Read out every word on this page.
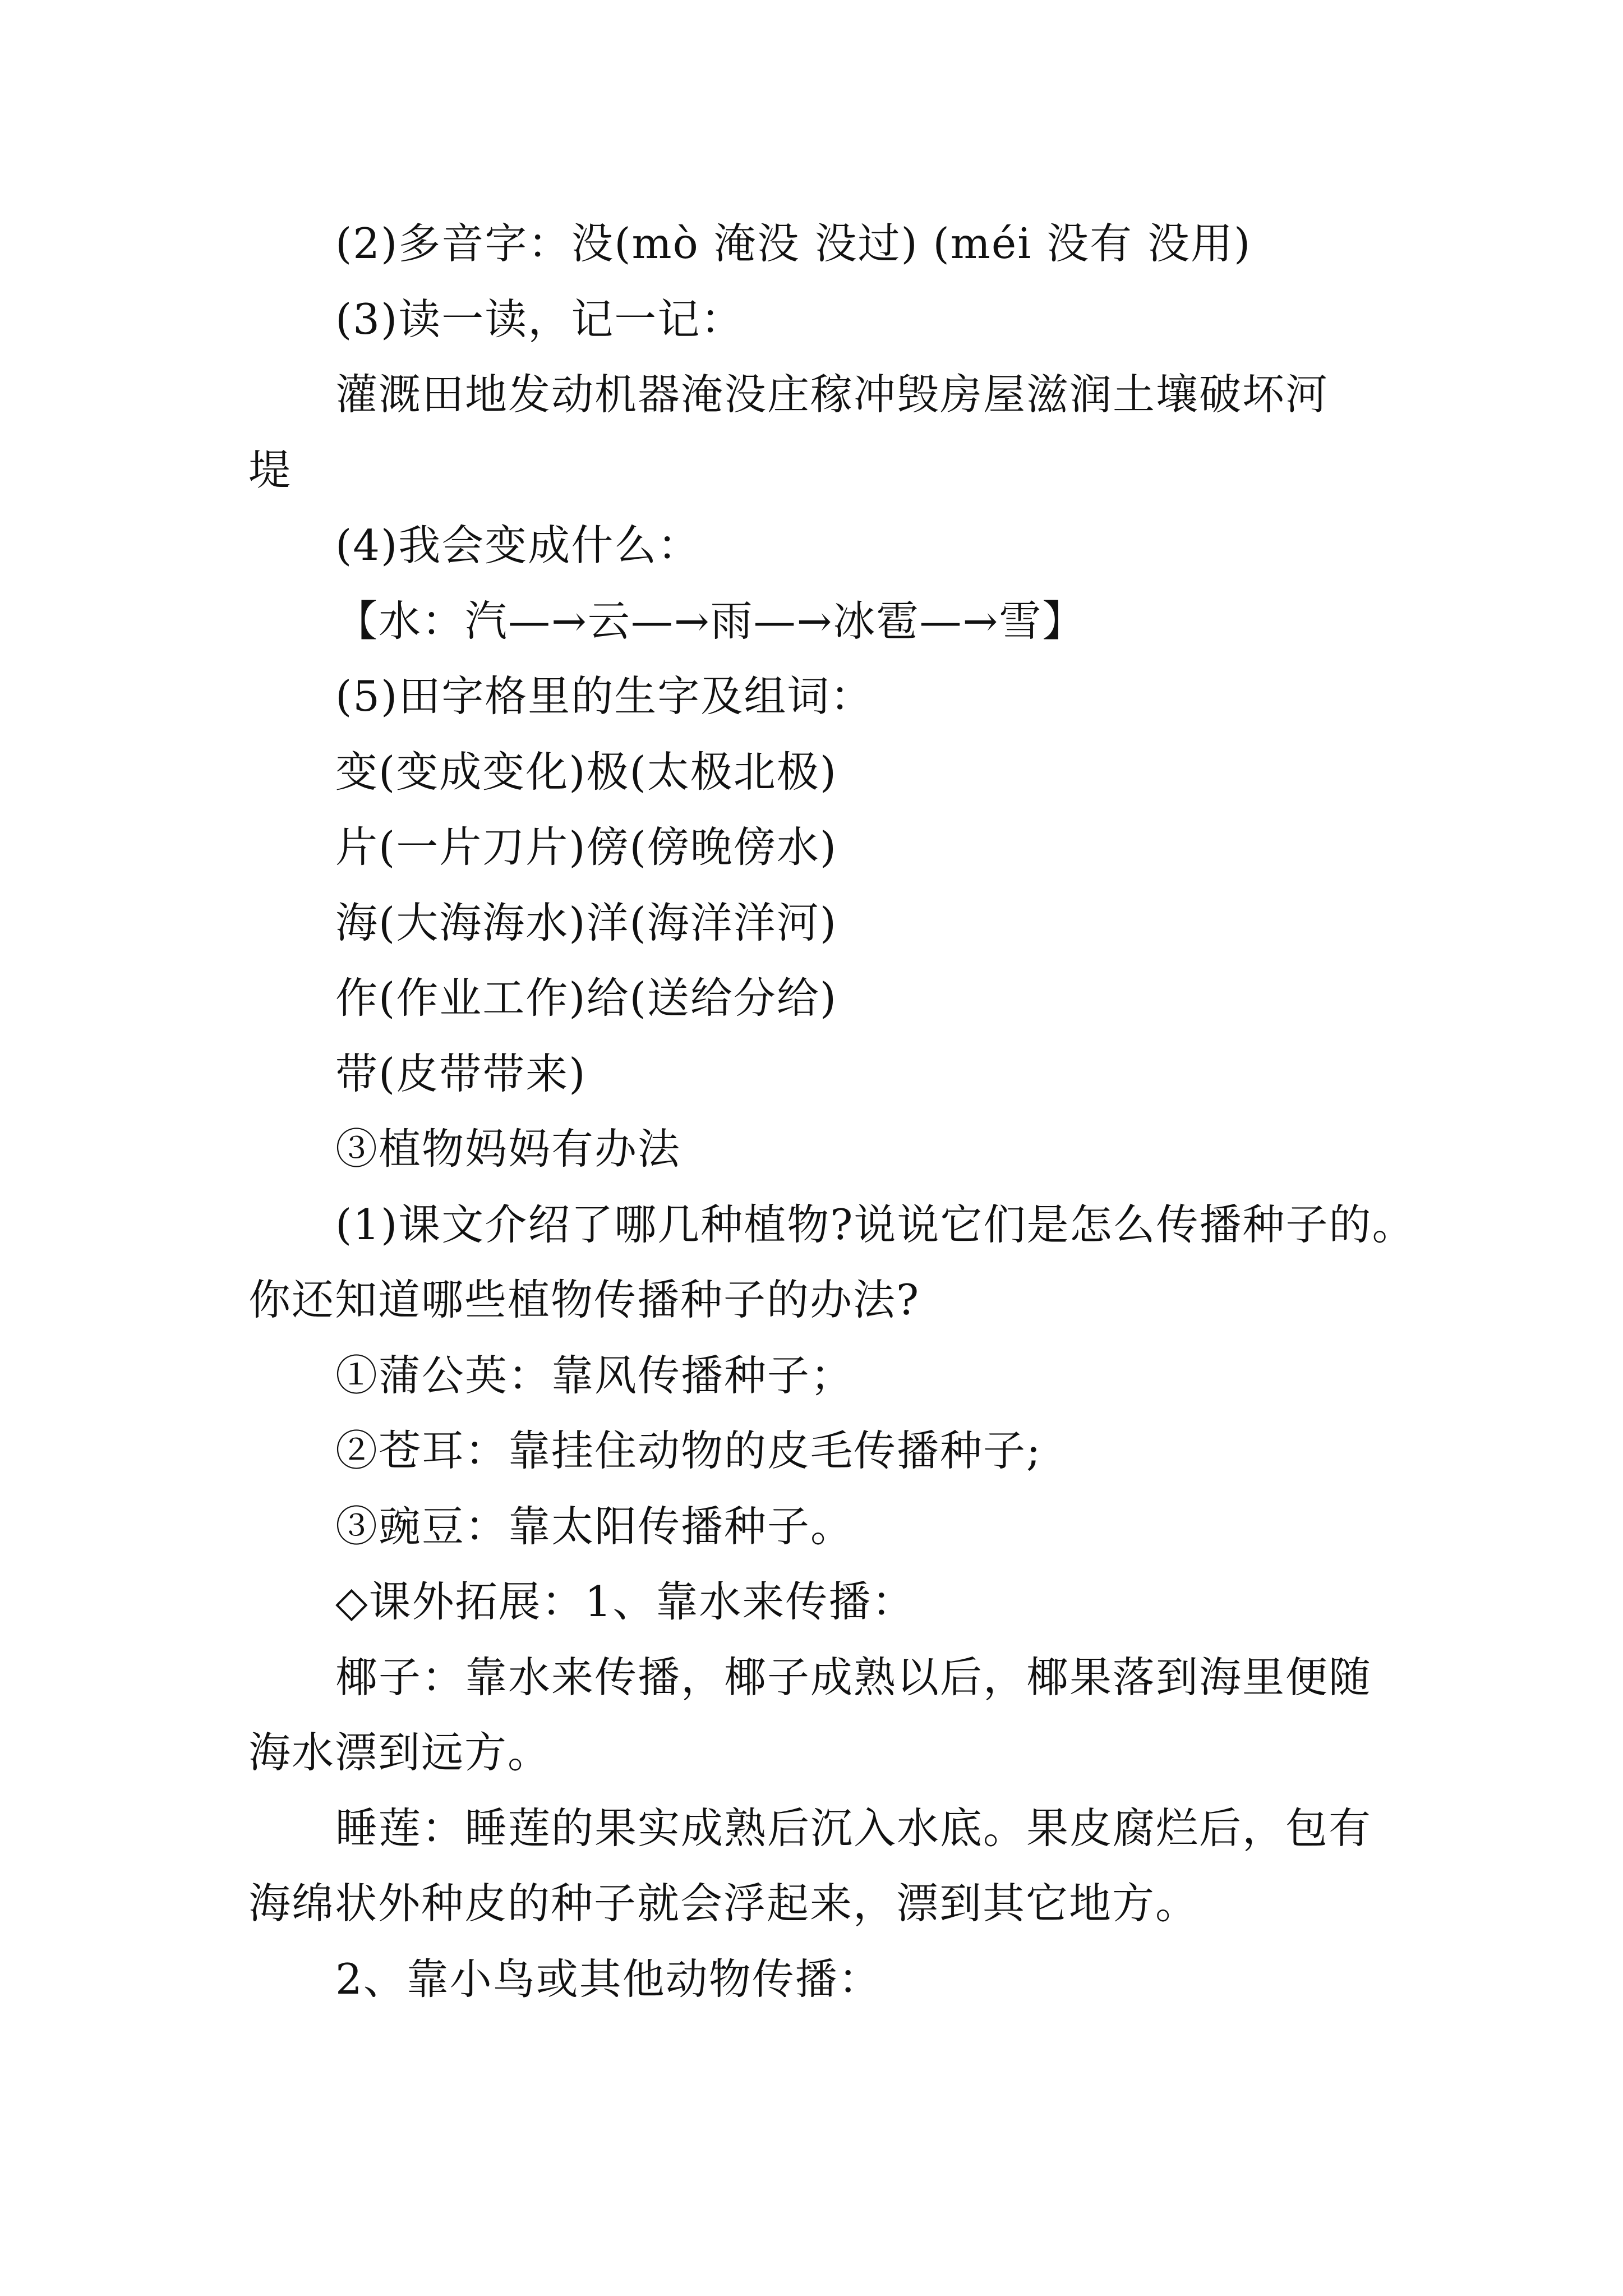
(2)多音字：没(mò 淹没 没过) (méi 没有 没用)
(3)读一读，记一记：
灌溉田地发动机器淹没庄稼冲毁房屋滋润土壤破坏河
堤
(4)我会变成什么：
【水：汽—→云—→雨—→冰雹—→雪】
(5)田字格里的生字及组词：
变(变成变化)极(太极北极)
片(一片刀片)傍(傍晚傍水)
海(大海海水)洋(海洋洋河)
作(作业工作)给(送给分给)
带(皮带带来)
③植物妈妈有办法
(1)课文介绍了哪几种植物?说说它们是怎么传播种子的。
你还知道哪些植物传播种子的办法?
①蒲公英：靠风传播种子；
②苍耳：靠挂住动物的皮毛传播种子;
③豌豆：靠太阳传播种子。
◇课外拓展：1、靠水来传播：
椰子：靠水来传播，椰子成熟以后，椰果落到海里便随
海水漂到远方。
睡莲：睡莲的果实成熟后沉入水底。果皮腐烂后，包有
海绵状外种皮的种子就会浮起来，漂到其它地方。
2、靠小鸟或其他动物传播：
